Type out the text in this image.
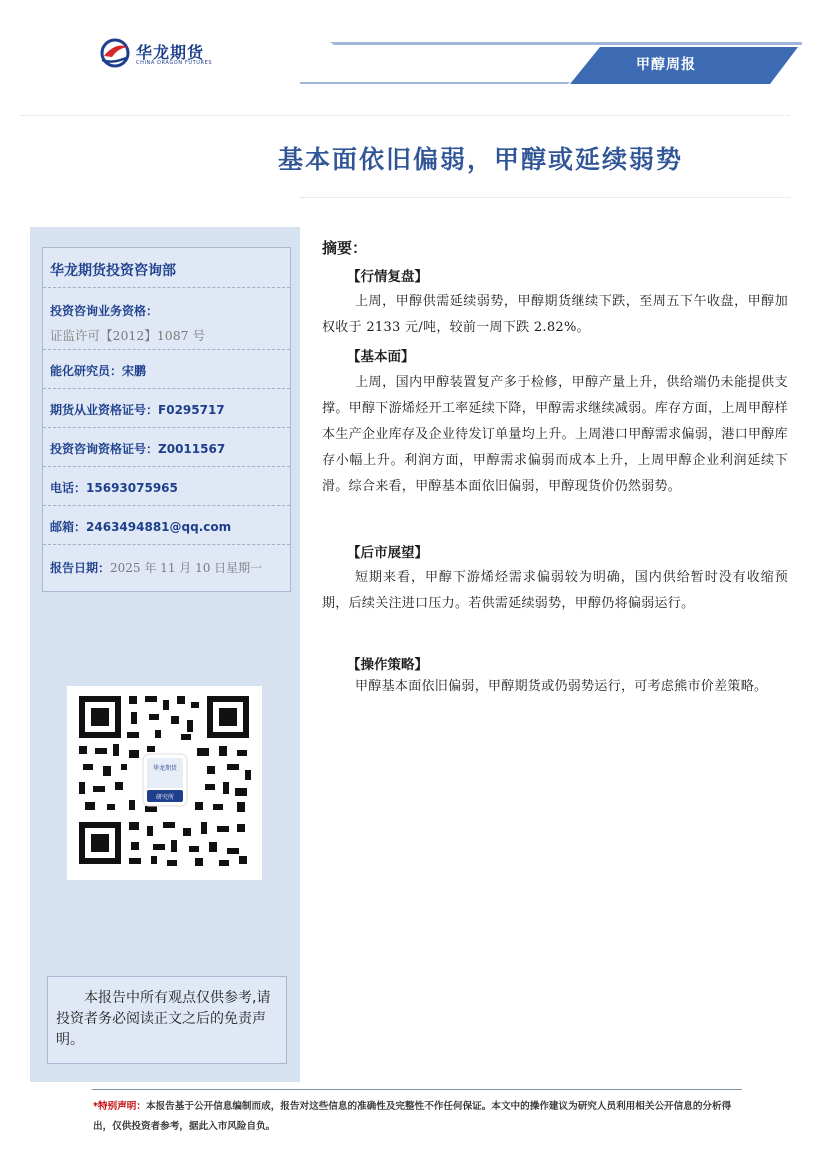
华龙期货
CHINA DRAGON FUTURES	甲醇周报
基本面依旧偏弱，甲醇或延续弱势
华龙期货投资咨询部
投资咨询业务资格：
证监许可【2012】1087 号
能化研究员：宋鹏
期货从业资格证号：F0295717
投资咨询资格证号：Z0011567
电话：15693075965
邮箱：2463494881@qq.com
报告日期：2025 年 11 月 10 日星期一
华龙期货
研究所
本报告中所有观点仅供参考,请投资者务必阅读正文之后的免责声明。
摘要：
【行情复盘】
上周，甲醇供需延续弱势，甲醇期货继续下跌，至周五下午收盘，甲醇加权收于 2133 元/吨，较前一周下跌 2.82%。
【基本面】
上周，国内甲醇装置复产多于检修，甲醇产量上升，供给端仍未能提供支撑。甲醇下游烯烃开工率延续下降，甲醇需求继续减弱。库存方面，上周甲醇样本生产企业库存及企业待发订单量均上升。上周港口甲醇需求偏弱，港口甲醇库存小幅上升。利润方面，甲醇需求偏弱而成本上升，上周甲醇企业利润延续下滑。综合来看，甲醇基本面依旧偏弱，甲醇现货价仍然弱势。
【后市展望】
短期来看，甲醇下游烯烃需求偏弱较为明确，国内供给暂时没有收缩预期，后续关注进口压力。若供需延续弱势，甲醇仍将偏弱运行。
【操作策略】
甲醇基本面依旧偏弱，甲醇期货或仍弱势运行，可考虑熊市价差策略。
*特别声明：本报告基于公开信息编制而成，报告对这些信息的准确性及完整性不作任何保证。本文中的操作建议为研究人员利用相关公开信息的分析得出，仅供投资者参考，据此入市风险自负。
